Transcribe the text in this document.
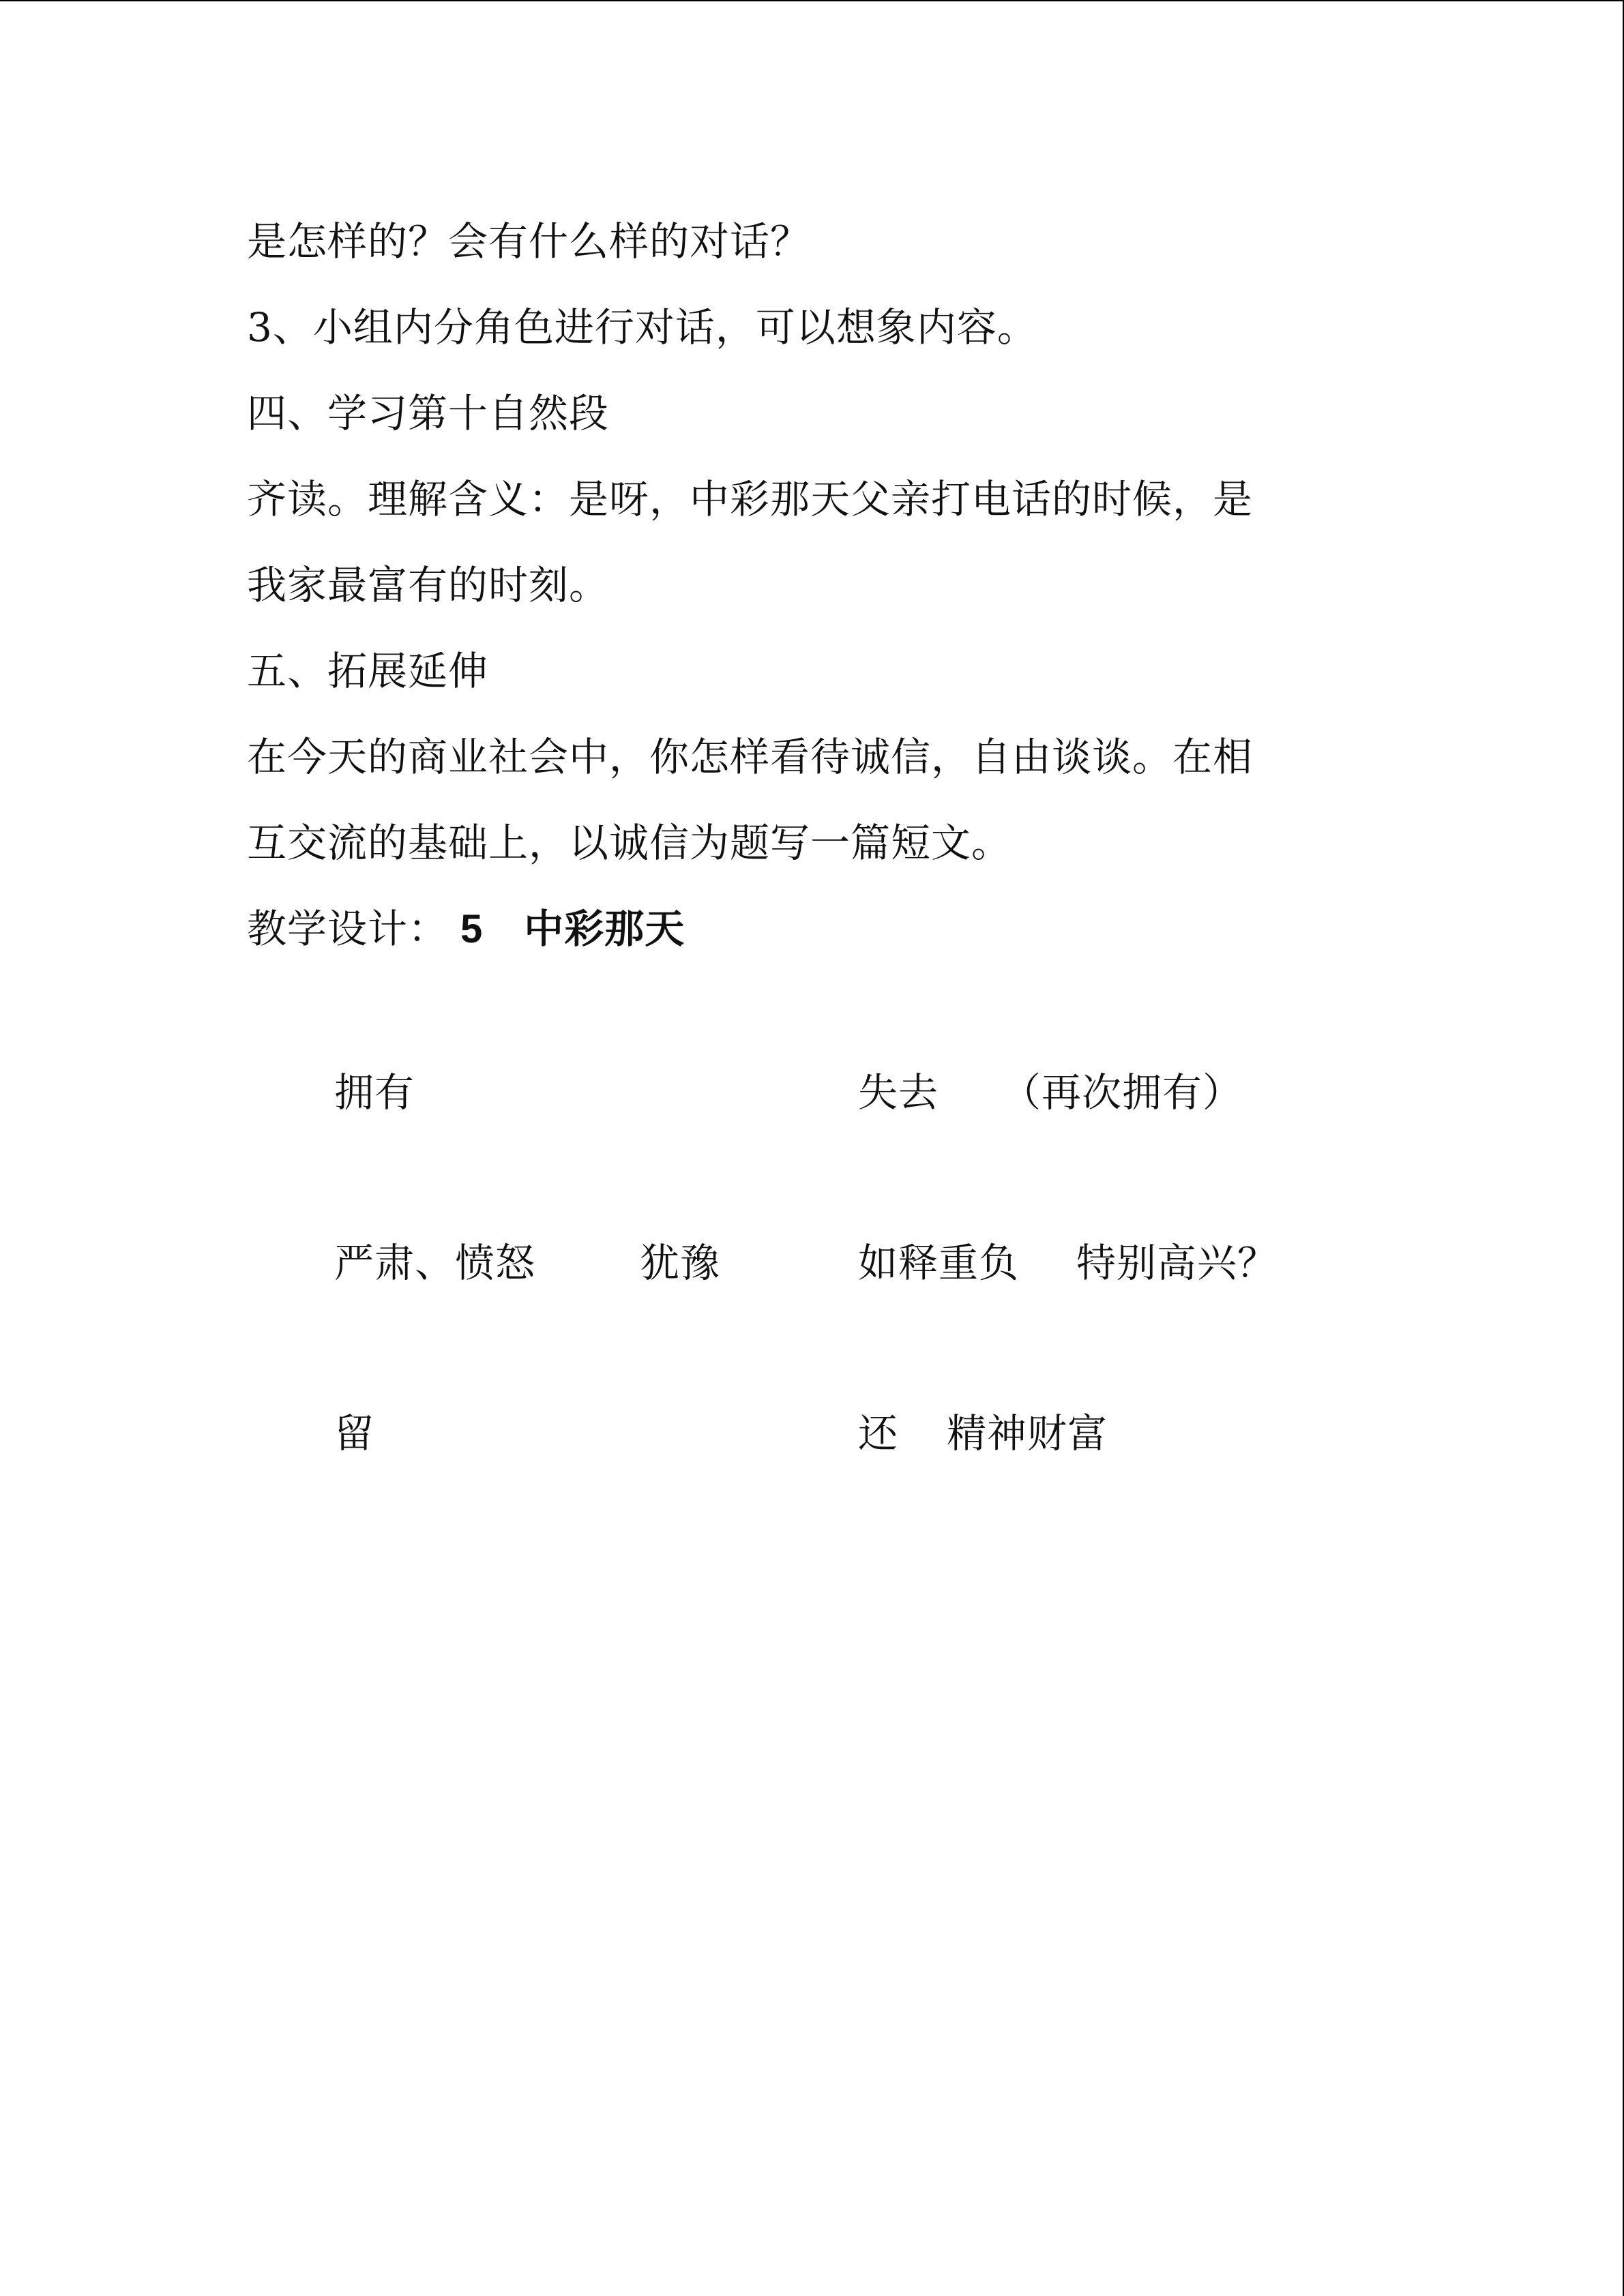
是怎样的？会有什么样的对话？
3、小组内分角色进行对话，可以想象内容。
四、学习第十自然段
齐读。理解含义：是呀，中彩那天父亲打电话的时候，是
我家最富有的时刻。
五、拓展延伸
在今天的商业社会中，你怎样看待诚信，自由谈谈。在相
互交流的基础上，以诚信为题写一篇短文。
教学设计： 5 中彩那天
拥有	失去 （再次拥有）
严肃、愤怒	犹豫	如释重负 特别高兴？
留	还 精神财富
